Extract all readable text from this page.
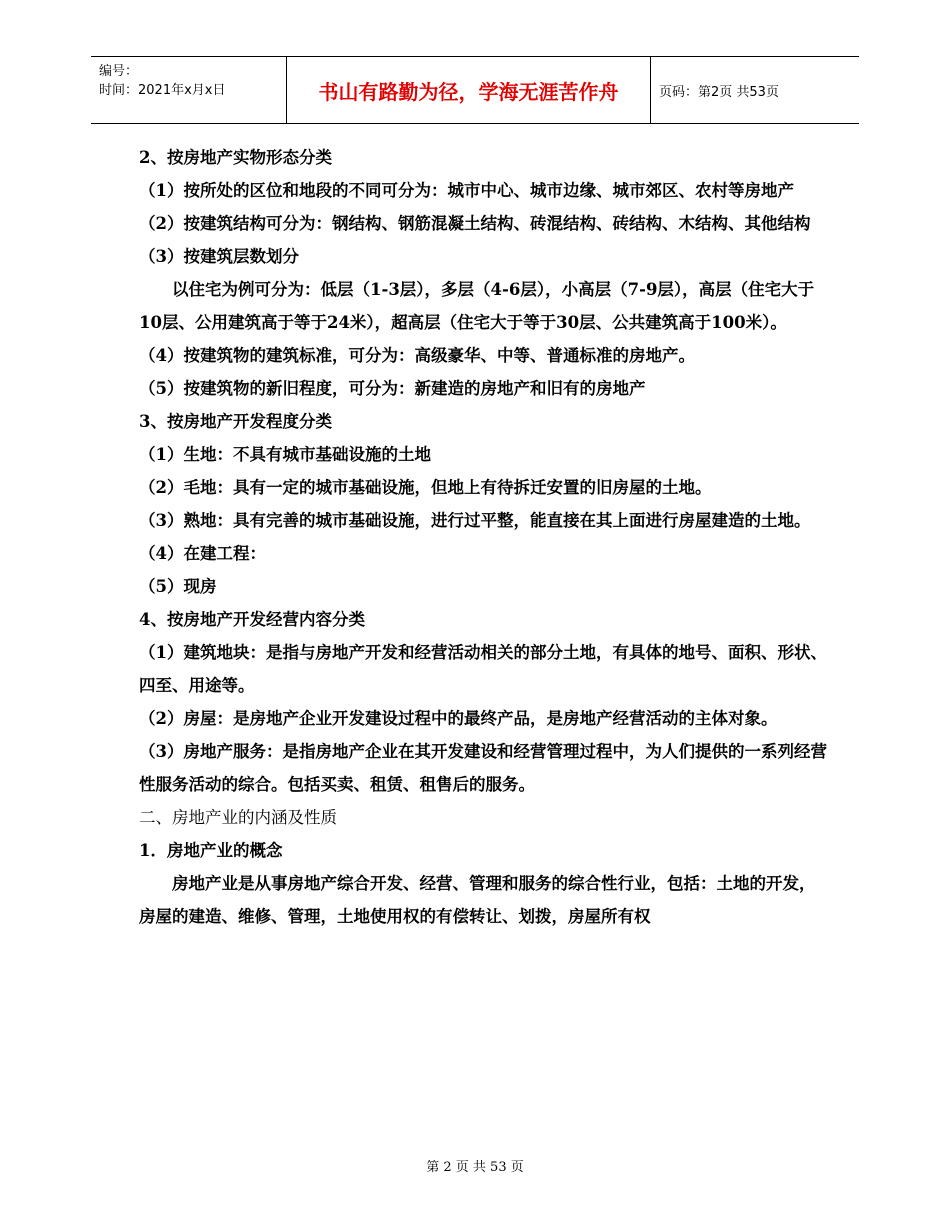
编号：
时间：2021年x月x日	书山有路勤为径，学海无涯苦作舟	页码：第2页 共53页

2、按房地产实物形态分类

（1）按所处的区位和地段的不同可分为：城市中心、城市边缘、城市郊区、农村等房地产

（2）按建筑结构可分为：钢结构、钢筋混凝土结构、砖混结构、砖结构、木结构、其他结构

（3）按建筑层数划分

以住宅为例可分为：低层（1-3层），多层（4-6层），小高层（7-9层），高层（住宅大于10层、公用建筑高于等于24米），超高层（住宅大于等于30层、公共建筑高于100米）。

（4）按建筑物的建筑标准，可分为：高级豪华、中等、普通标准的房地产。

（5）按建筑物的新旧程度，可分为：新建造的房地产和旧有的房地产

3、按房地产开发程度分类

（1）生地：不具有城市基础设施的土地

（2）毛地：具有一定的城市基础设施，但地上有待拆迁安置的旧房屋的土地。

（3）熟地：具有完善的城市基础设施，进行过平整，能直接在其上面进行房屋建造的土地。

（4）在建工程：

（5）现房

4、按房地产开发经营内容分类

（1）建筑地块：是指与房地产开发和经营活动相关的部分土地，有具体的地号、面积、形状、四至、用途等。

（2）房屋：是房地产企业开发建设过程中的最终产品，是房地产经营活动的主体对象。

（3）房地产服务：是指房地产企业在其开发建设和经营管理过程中，为人们提供的一系列经营性服务活动的综合。包括买卖、租赁、租售后的服务。

二、房地产业的内涵及性质

1．房地产业的概念

房地产业是从事房地产综合开发、经营、管理和服务的综合性行业，包括：土地的开发，房屋的建造、维修、管理，土地使用权的有偿转让、划拨，房屋所有权

第 2 页 共 53 页
